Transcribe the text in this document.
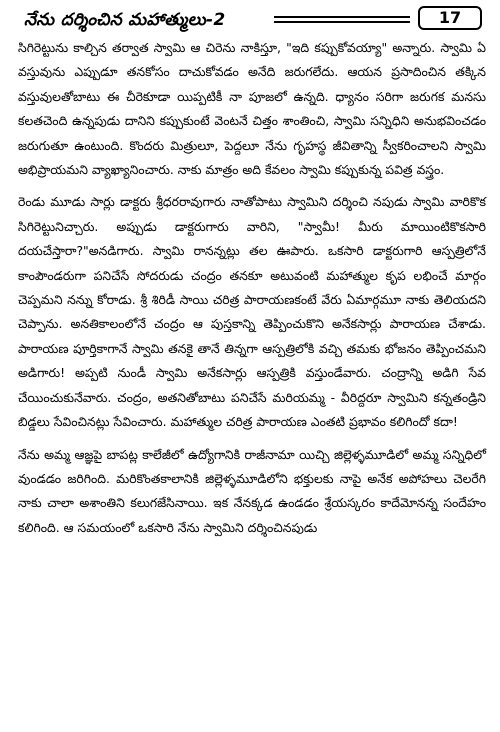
నేను దర్శించిన మహాత్ములు-2	17

సిగిరెట్టును కాల్చిన తర్వాత స్వామి ఆ చిరెను నాకిస్తూ, "ఇది కప్పుకోవయ్యా" అన్నారు. స్వామి ఏ వస్తువును ఎప్పుడూ తనకోసం దాచుకోవడం అనేది జరుగలేదు. ఆయన ప్రసాదించిన తక్కిన వస్తువులతోబాటు ఈ చీరెకూడా యిప్పటికీ నా పూజలో ఉన్నది. ధ్యానం సరిగా జరుగక మనసు కలతచెంది ఉన్నపుడు దానిని కప్పుకుంటే వెంటనే చిత్తం శాంతించి, స్వామి సన్నిధిని అనుభవించడం జరుగుతూ ఉంటుంది. కొందరు మిత్రులూ, పెద్దలూ నేను గృహస్థ జీవితాన్ని స్వీకరించాలని స్వామి అభిప్రాయమని వ్యాఖ్యానించారు. నాకు మాత్రం అది కేవలం స్వామి కప్పుకున్న పవిత్ర వస్త్రం.

రెండు మూడు సార్లు డాక్టరు శ్రీధరరావుగారు నాతోపాటు స్వామిని దర్శించి నపుడు స్వామి వారికొక సిగిరెట్టునిచ్చారు. అప్పుడు డాక్టరుగారు వారిని, "స్వామీ! మీరు మాయింటికొకసారి దయచేస్తారా?"అనడిగారు. స్వామి రానన్నట్లు తల ఊపారు. ఒకసారి డాక్టరుగారి ఆస్పత్రిలోనే కాంపౌండరుగా పనిచేసే సోదరుడు చంద్రం తనకూ అటువంటి మహాత్ముల కృప లభించే మార్గం చెప్పమని నన్ను కోరాడు. శ్రీ శిరిడీ సాయి చరిత్ర పారాయణకంటే వేరు ఏమార్గమూ నాకు తెలియదని చెప్పాను. అనతికాలంలోనే చంద్రం ఆ పుస్తకాన్ని తెప్పించుకొని అనేకసార్లు పారాయణ చేశాడు. పారాయణ పూర్తికాగానే స్వామి తనకై తానే తిన్నగా ఆస్పత్రిలోకి వచ్చి తమకు భోజనం తెప్పించమని అడిగారు! అప్పటి నుండీ స్వామి అనేకసార్లు ఆస్పత్రికి వస్తుండేవారు. చంద్రాన్ని అడిగి సేవ చేయించుకునేవారు. చంద్రం, అతనితోబాటు పనిచేసే మరియమ్మ - వీరిద్దరూ స్వామిని కన్నతండ్రిని బిడ్డలు సేవించినట్లు సేవించారు. మహాత్ముల చరిత్ర పారాయణ ఎంతటి ప్రభావం కలిగిందో కదా!

నేను అమ్మ ఆజ్ఞపై బాపట్ల కాలేజీలో ఉద్యోగానికి రాజీనామా యిచ్చి జిల్లెళ్ళమూడిలో అమ్మ సన్నిధిలో వుండడం జరిగింది. మరికొంతకాలానికి జిల్లెళ్ళమూడిలోని భక్తులకు నాపై అనేక అపోహలు చెలరేగి నాకు చాలా అశాంతిని కలుగజేసినాయి. ఇక నేనక్కడ ఉండడం శ్రేయస్కరం కాదేమోనన్న సందేహం కలిగింది. ఆ సమయంలో ఒకసారి నేను స్వామిని దర్శించినపుడు
